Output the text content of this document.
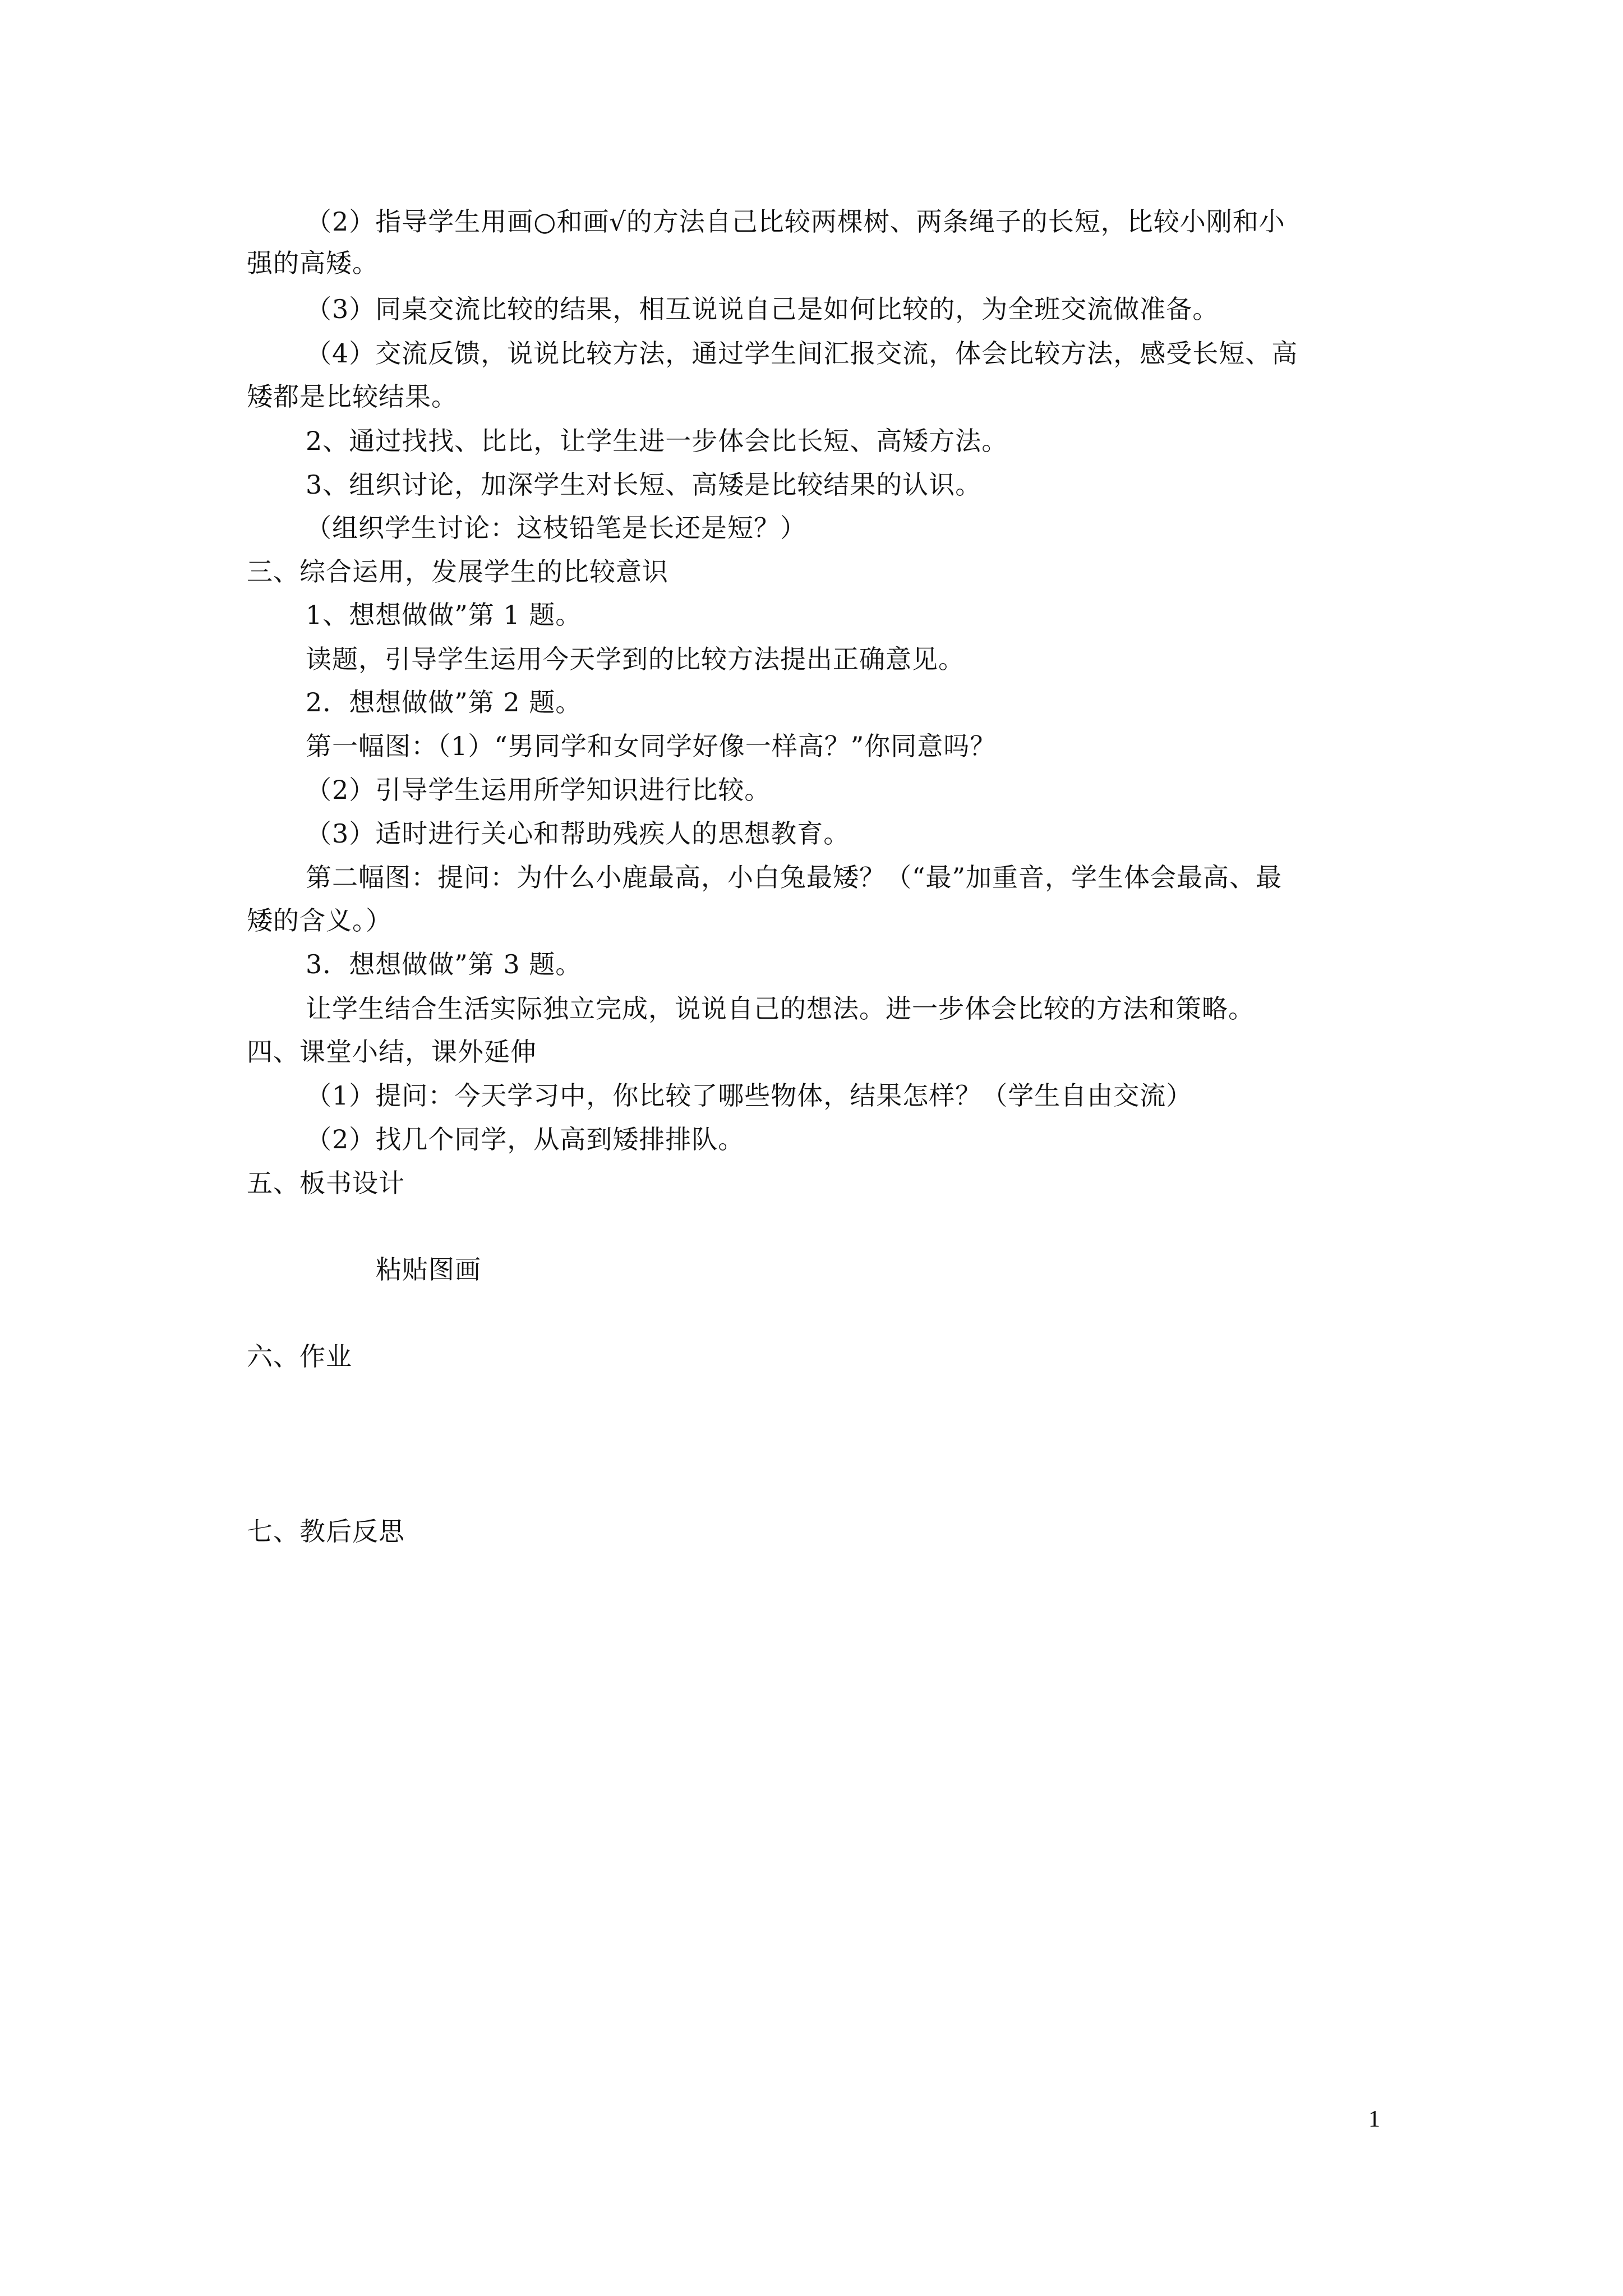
（2）指导学生用画○和画√的方法自己比较两棵树、两条绳子的长短，比较小刚和小
强的高矮。
（3）同桌交流比较的结果，相互说说自己是如何比较的，为全班交流做准备。
（4）交流反馈，说说比较方法，通过学生间汇报交流，体会比较方法，感受长短、高
矮都是比较结果。
2、通过找找、比比，让学生进一步体会比长短、高矮方法。
3、组织讨论，加深学生对长短、高矮是比较结果的认识。
（组织学生讨论：这枝铅笔是长还是短？）
三、综合运用，发展学生的比较意识
1、想想做做”第 1 题。
读题，引导学生运用今天学到的比较方法提出正确意见。
2．想想做做”第 2 题。
第一幅图：（1）“男同学和女同学好像一样高？”你同意吗？
（2）引导学生运用所学知识进行比较。
（3）适时进行关心和帮助残疾人的思想教育。
第二幅图：提问：为什么小鹿最高，小白兔最矮？（“最”加重音，学生体会最高、最
矮的含义。）
3．想想做做”第 3 题。
让学生结合生活实际独立完成，说说自己的想法。进一步体会比较的方法和策略。
四、课堂小结，课外延伸
（1）提问：今天学习中，你比较了哪些物体，结果怎样？（学生自由交流）
（2）找几个同学，从高到矮排排队。
五、板书设计
粘贴图画
六、作业
七、教后反思
1
